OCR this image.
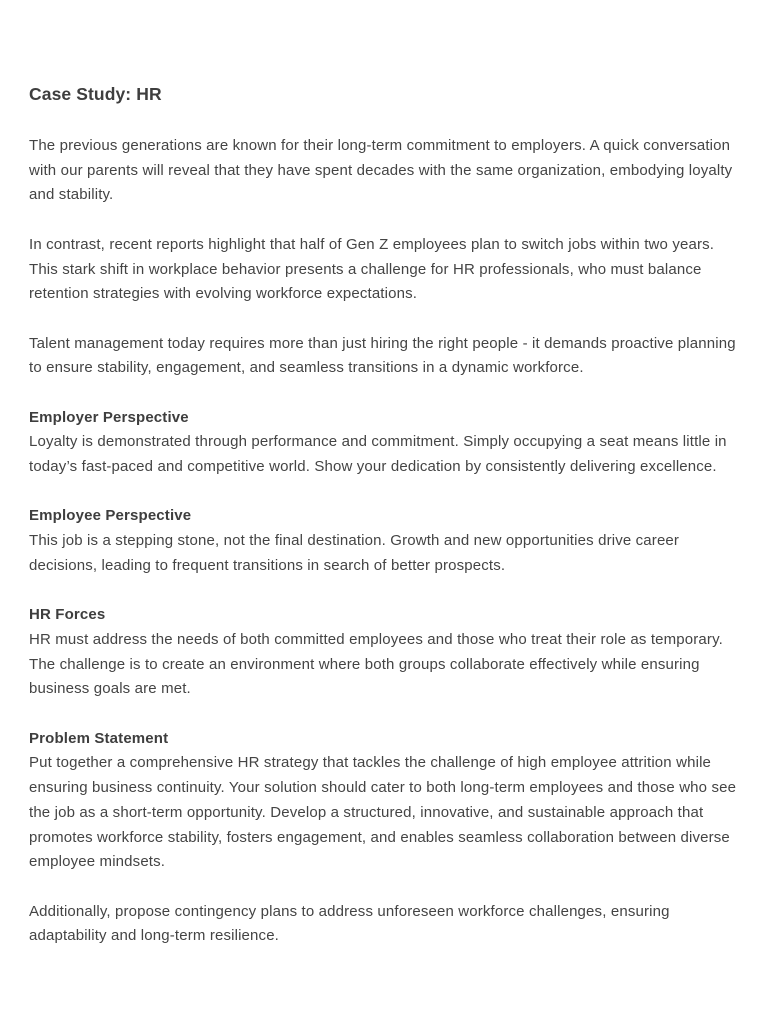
Case Study: HR

The previous generations are known for their long-term commitment to employers. A quick conversation with our parents will reveal that they have spent decades with the same organization, embodying loyalty and stability.

In contrast, recent reports highlight that half of Gen Z employees plan to switch jobs within two years. This stark shift in workplace behavior presents a challenge for HR professionals, who must balance retention strategies with evolving workforce expectations.

Talent management today requires more than just hiring the right people - it demands proactive planning to ensure stability, engagement, and seamless transitions in a dynamic workforce.

Employer Perspective
Loyalty is demonstrated through performance and commitment. Simply occupying a seat means little in today’s fast-paced and competitive world. Show your dedication by consistently delivering excellence.
Employee Perspective
This job is a stepping stone, not the final destination. Growth and new opportunities drive career decisions, leading to frequent transitions in search of better prospects.
HR Forces
HR must address the needs of both committed employees and those who treat their role as temporary. The challenge is to create an environment where both groups collaborate effectively while ensuring business goals are met.
Problem Statement
Put together a comprehensive HR strategy that tackles the challenge of high employee attrition while ensuring business continuity. Your solution should cater to both long-term employees and those who see the job as a short-term opportunity. Develop a structured, innovative, and sustainable approach that promotes workforce stability, fosters engagement, and enables seamless collaboration between diverse employee mindsets.

Additionally, propose contingency plans to address unforeseen workforce challenges, ensuring adaptability and long-term resilience.
